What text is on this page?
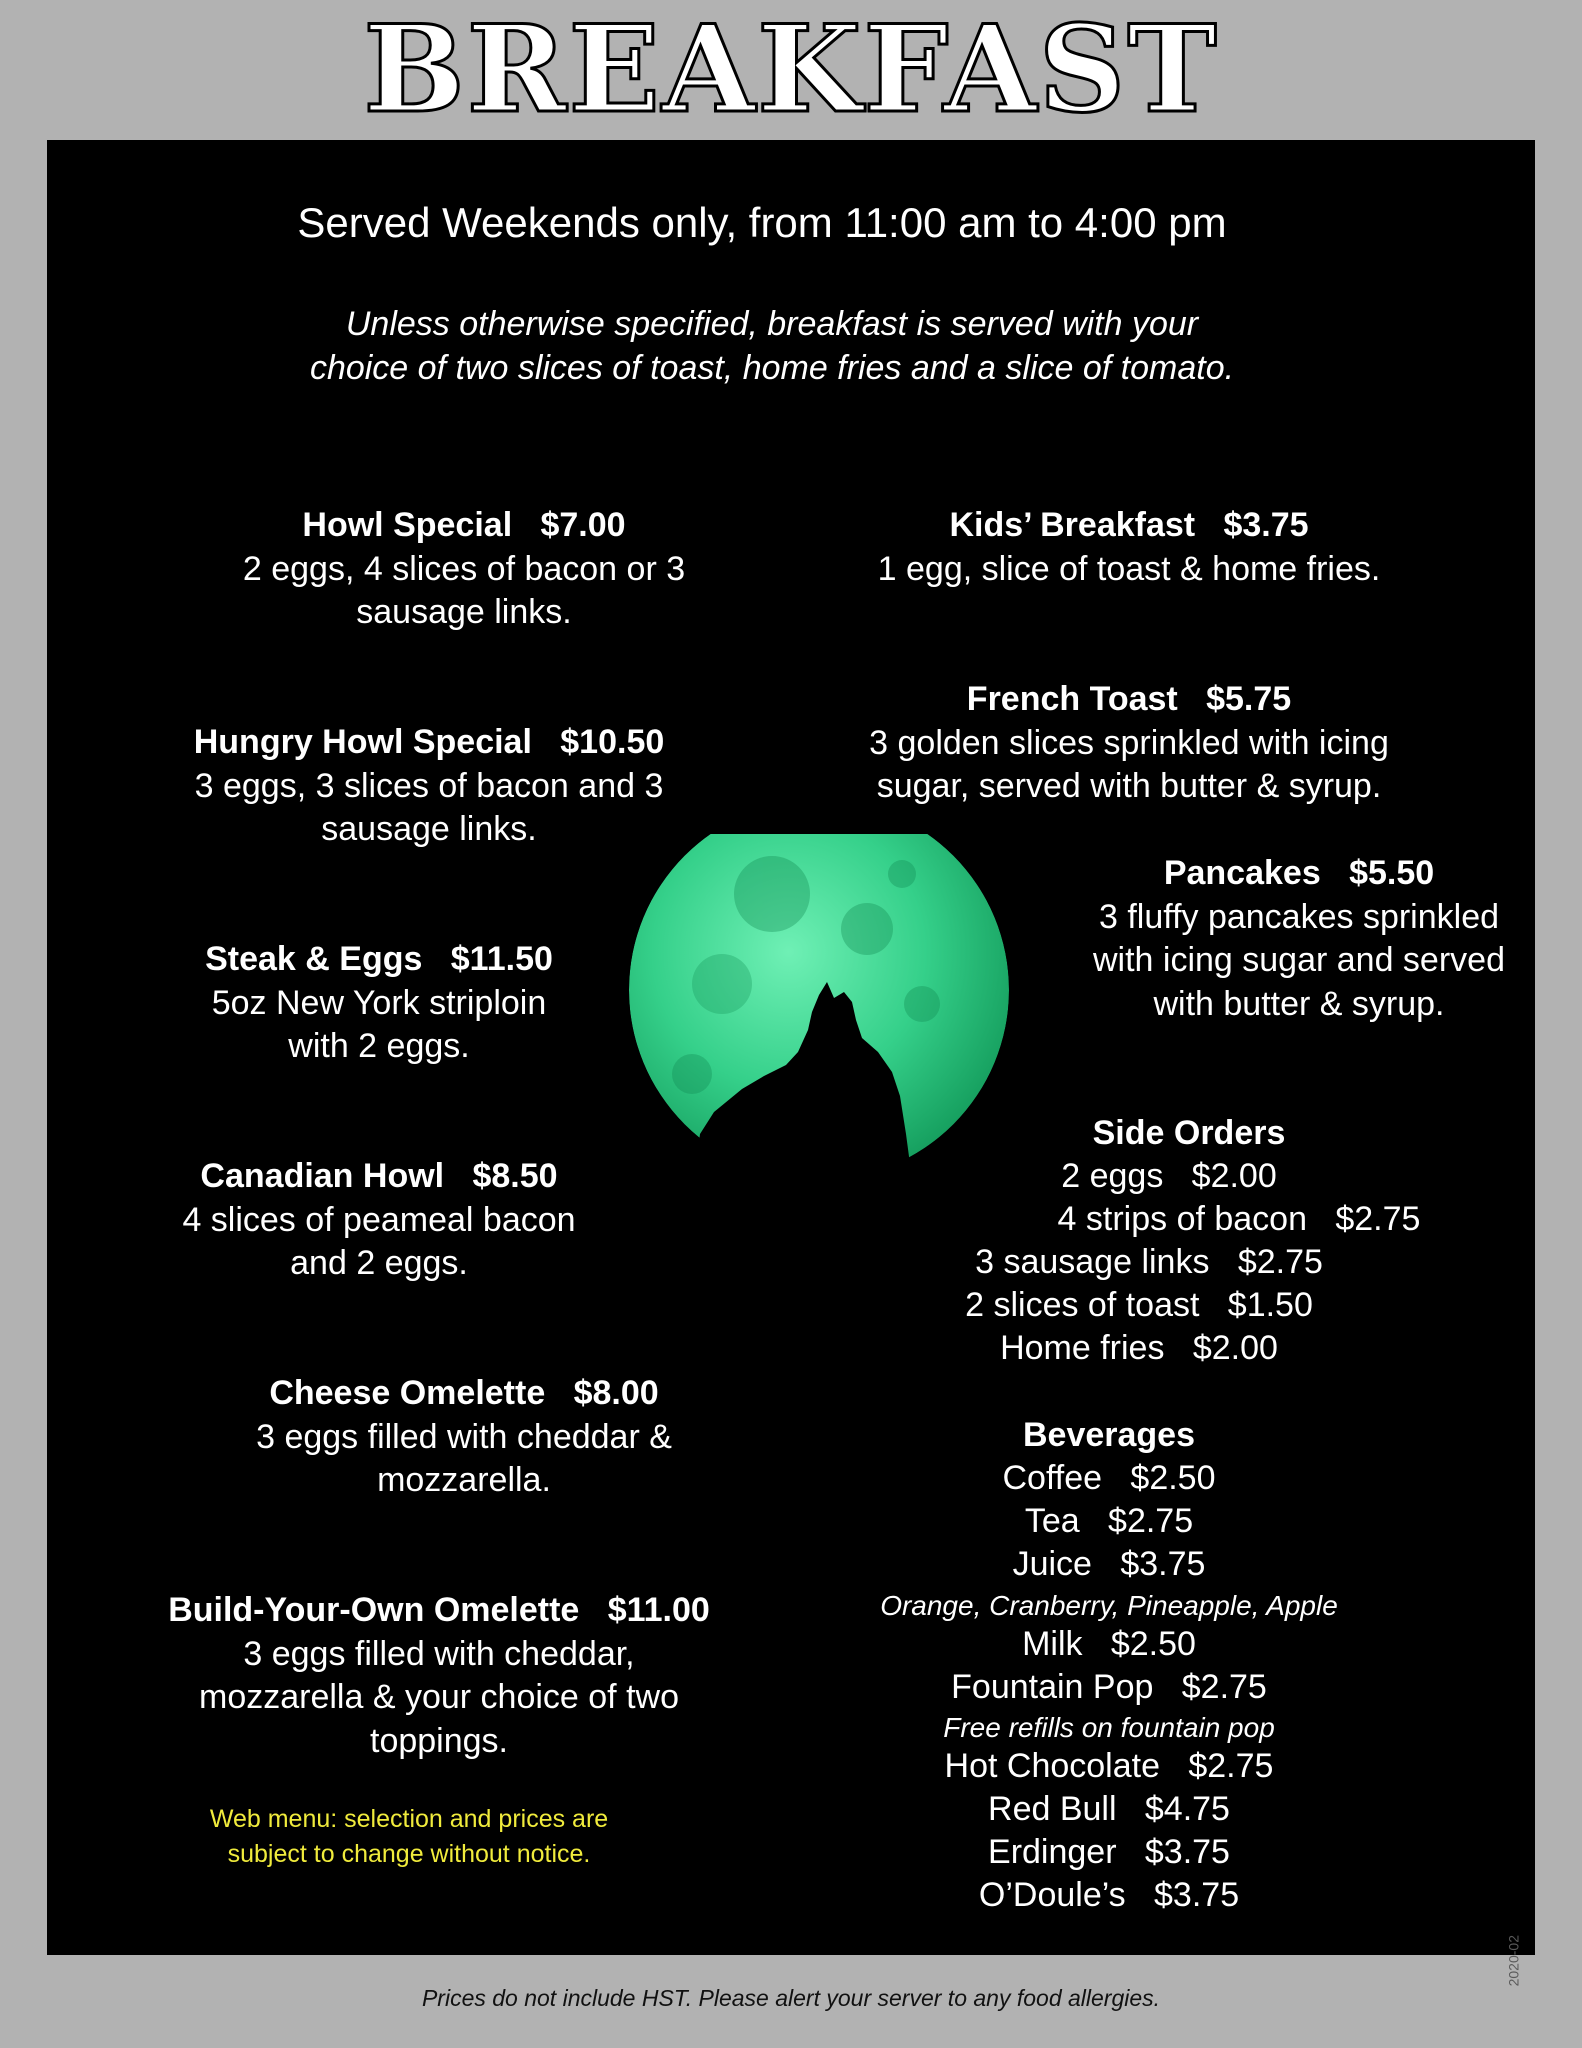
BREAKFAST
Served Weekends only, from 11:00 am to 4:00 pm
Unless otherwise specified, breakfast is served with your
choice of two slices of toast, home fries and a slice of tomato.
Howl Special $7.00
2 eggs, 4 slices of bacon or 3
sausage links.
Hungry Howl Special $10.50
3 eggs, 3 slices of bacon and 3
sausage links.
Steak & Eggs $11.50
5oz New York striploin
with 2 eggs.
Canadian Howl $8.50
4 slices of peameal bacon
and 2 eggs.
Cheese Omelette $8.00
3 eggs filled with cheddar &
mozzarella.
Build-Your-Own Omelette $11.00
3 eggs filled with cheddar,
mozzarella & your choice of two
toppings.
Web menu: selection and prices are
subject to change without notice.
Kids’ Breakfast $3.75
1 egg, slice of toast & home fries.
French Toast $5.75
3 golden slices sprinkled with icing
sugar, served with butter & syrup.
Pancakes $5.50
3 fluffy pancakes sprinkled
with icing sugar and served
with butter & syrup.
Side Orders
2 eggs $2.00
4 strips of bacon $2.75
3 sausage links $2.75
2 slices of toast $1.50
Home fries $2.00
Beverages
Coffee $2.50
Tea $2.75
Juice $3.75
Orange, Cranberry, Pineapple, Apple
Milk $2.50
Fountain Pop $2.75
Free refills on fountain pop
Hot Chocolate $2.75
Red Bull $4.75
Erdinger $3.75
O’Doule’s $3.75
2020-02
Prices do not include HST. Please alert your server to any food allergies.
